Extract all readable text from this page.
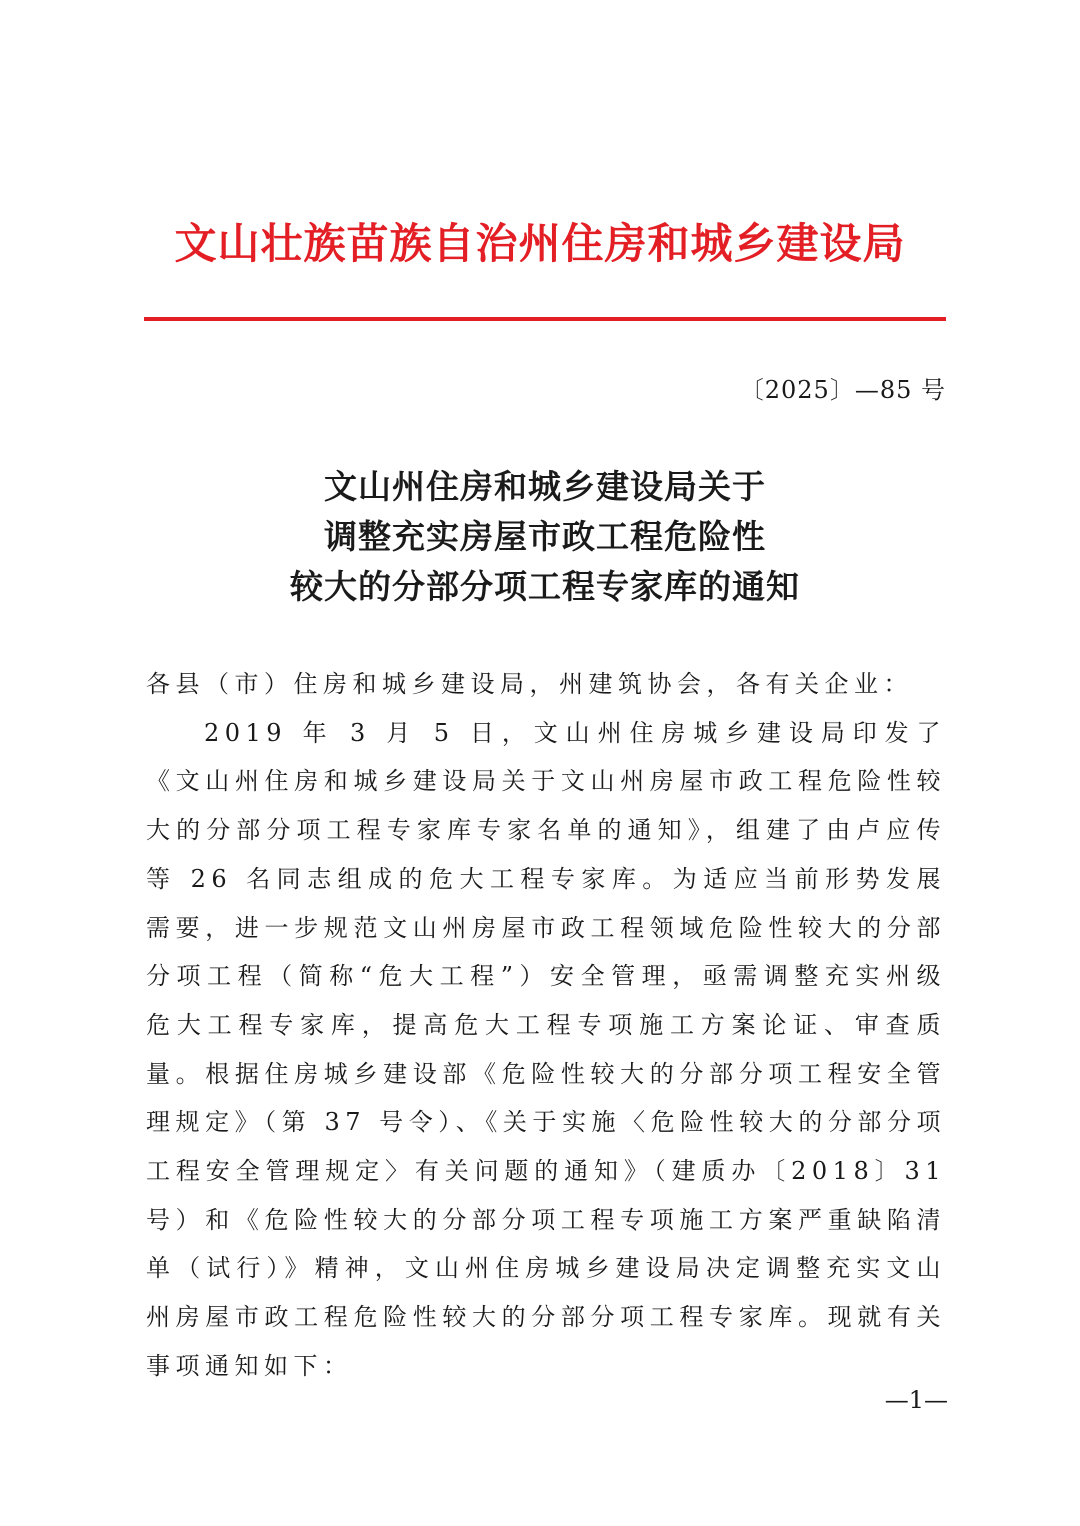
文山壮族苗族自治州住房和城乡建设局
〔2025〕—85 号
文山州住房和城乡建设局关于
调整充实房屋市政工程危险性
较大的分部分项工程专家库的通知
各县（市）住房和城乡建设局，州建筑协会，各有关企业：
2019 年 3 月 5 日，文山州住房城乡建设局印发了《文山州住房和城乡建设局关于文山州房屋市政工程危险性较大的分部分项工程专家库专家名单的通知》，组建了由卢应传等 26 名同志组成的危大工程专家库。为适应当前形势发展需要，进一步规范文山州房屋市政工程领域危险性较大的分部分项工程（简称“危大工程”）安全管理，亟需调整充实州级危大工程专家库，提高危大工程专项施工方案论证、审查质量。根据住房城乡建设部《危险性较大的分部分项工程安全管理规定》（第 37 号令）、《关于实施〈危险性较大的分部分项工程安全管理规定〉有关问题的通知》（建质办〔2018〕31 号）和《危险性较大的分部分项工程专项施工方案严重缺陷清单（试行）》精神，文山州住房城乡建设局决定调整充实文山州房屋市政工程危险性较大的分部分项工程专家库。现就有关事项通知如下：
—1—
